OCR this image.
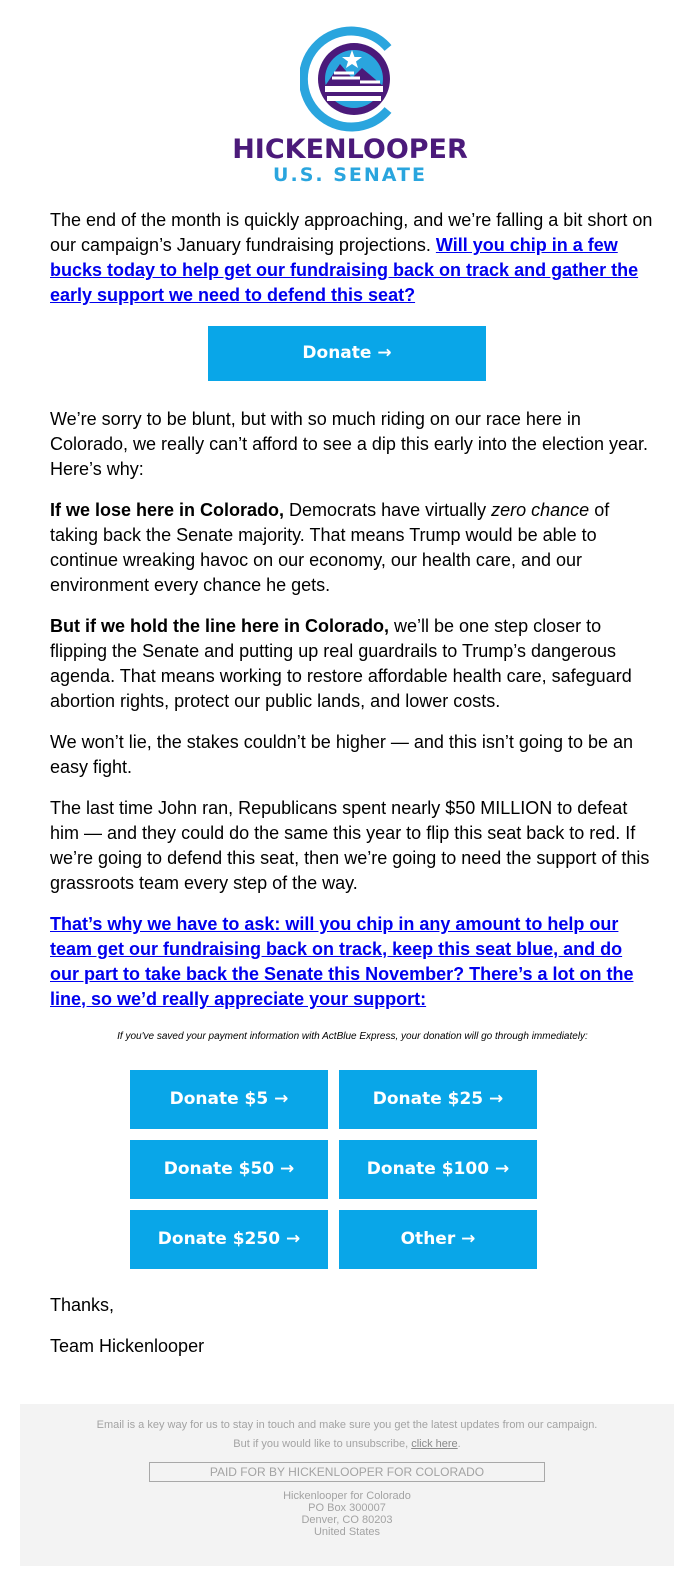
HICKENLOOPER
U.S. SENATE

The end of the month is quickly approaching, and we’re falling a bit short on our campaign’s January fundraising projections. Will you chip in a few bucks today to help get our fundraising back on track and gather the early support we need to defend this seat?

Donate →

We’re sorry to be blunt, but with so much riding on our race here in Colorado, we really can’t afford to see a dip this early into the election year. Here’s why:

If we lose here in Colorado, Democrats have virtually zero chance of taking back the Senate majority. That means Trump would be able to continue wreaking havoc on our economy, our health care, and our environment every chance he gets.

But if we hold the line here in Colorado, we’ll be one step closer to flipping the Senate and putting up real guardrails to Trump’s dangerous agenda. That means working to restore affordable health care, safeguard abortion rights, protect our public lands, and lower costs.

We won’t lie, the stakes couldn’t be higher — and this isn’t going to be an easy fight.

The last time John ran, Republicans spent nearly $50 MILLION to defeat him — and they could do the same this year to flip this seat back to red. If we’re going to defend this seat, then we’re going to need the support of this grassroots team every step of the way.

That’s why we have to ask: will you chip in any amount to help our team get our fundraising back on track, keep this seat blue, and do our part to take back the Senate this November? There’s a lot on the line, so we’d really appreciate your support:

If you've saved your payment information with ActBlue Express, your donation will go through immediately:
Donate $5 →	Donate $25 →
Donate $50 →	Donate $100 →
Donate $250 →	Other →

Thanks,

Team Hickenlooper

Email is a key way for us to stay in touch and make sure you get the latest updates from our campaign.
But if you would like to unsubscribe, click here.
PAID FOR BY HICKENLOOPER FOR COLORADO
Hickenlooper for Colorado
PO Box 300007
Denver, CO 80203
United States
